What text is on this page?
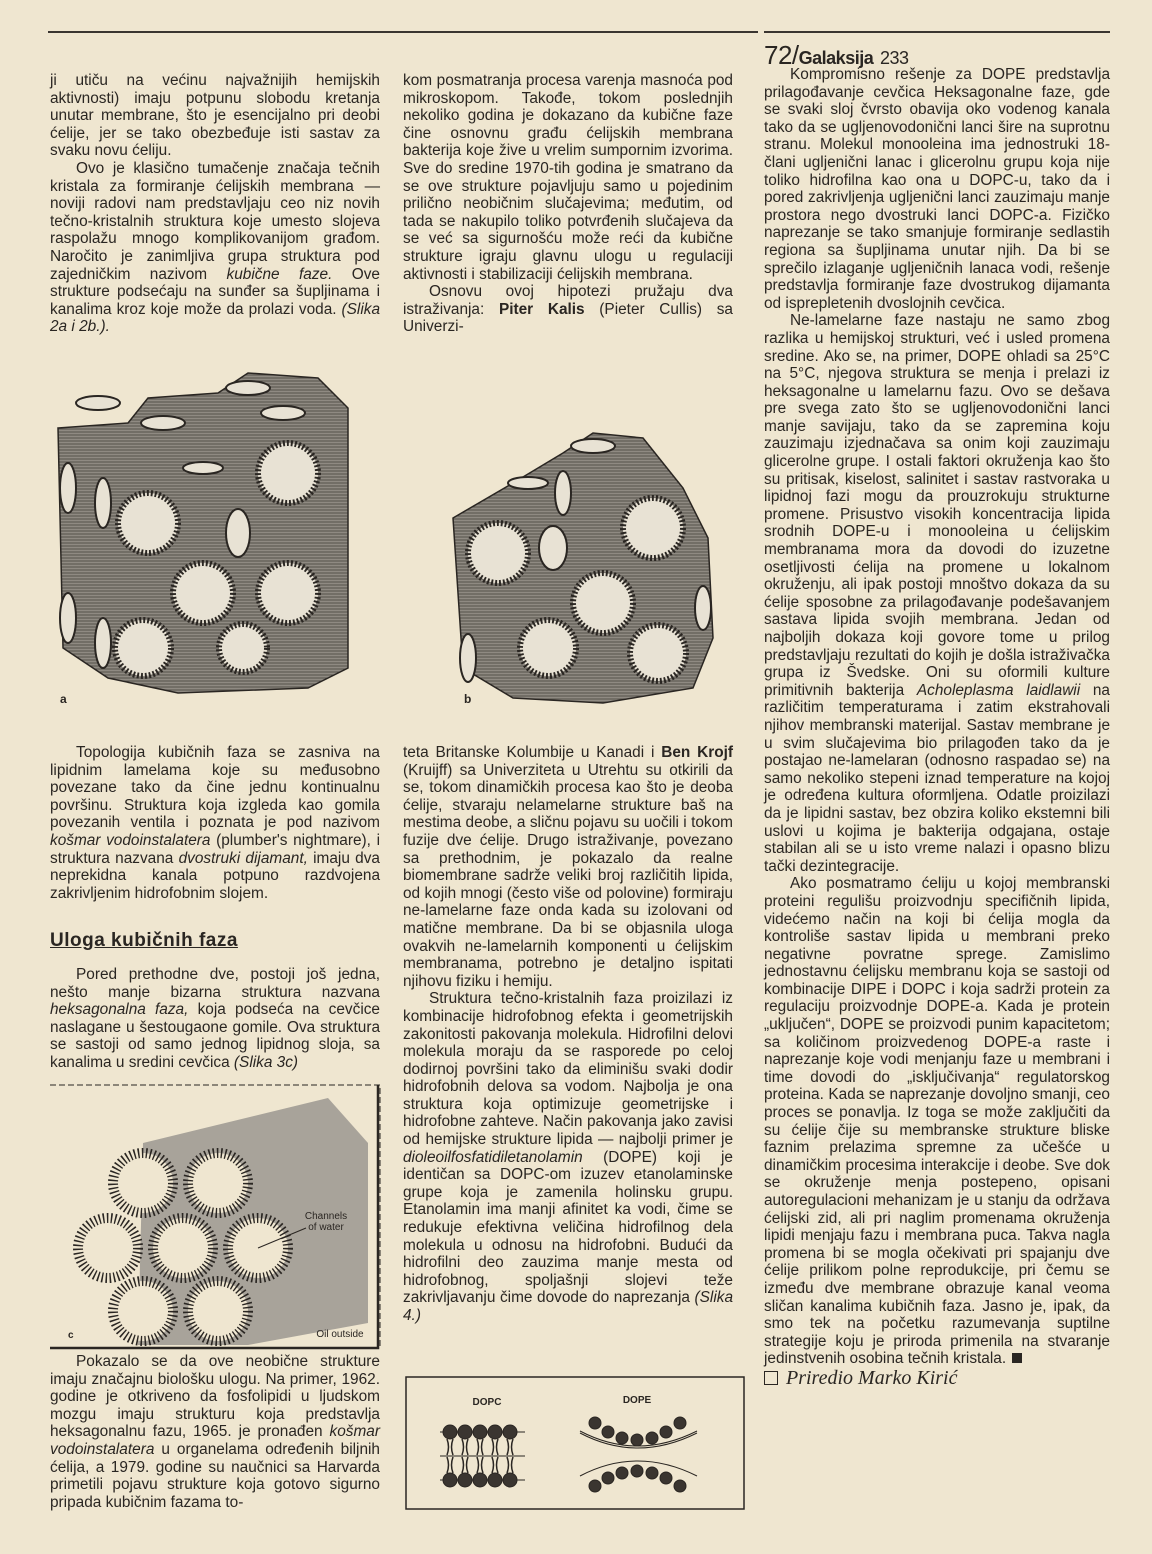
72/Galaksija 233

ji utiču na većinu najvažnijih hemijskih aktivnosti) imaju potpunu slobodu kretanja unutar membrane, što je esencijalno pri deobi ćelije, jer se tako obezbeđuje isti sastav za svaku novu ćeliju.

Ovo je klasično tumačenje značaja tečnih kristala za formiranje ćelijskih membrana — noviji radovi nam predstavljaju ceo niz novih tečno-kristalnih struktura koje umesto slojeva raspolažu mnogo komplikovanijom građom. Naročito je zanimljiva grupa struktura pod zajedničkim nazivom kubične faze. Ove strukture podsećaju na sunđer sa šupljinama i kanalima kroz koje može da prolazi voda. (Slika 2a i 2b.).

kom posmatranja procesa varenja masnoća pod mikroskopom. Takođe, tokom poslednjih nekoliko godina je dokazano da kubične faze čine osnovnu građu ćelijskih membrana bakterija koje žive u vrelim sumpornim izvorima. Sve do sredine 1970-tih godina je smatrano da se ove strukture pojavljuju samo u pojedinim prilično neobičnim slučajevima; međutim, od tada se nakupilo toliko potvrđenih slučajeva da se već sa sigurnošću može reći da kubične strukture igraju glavnu ulogu u regulaciji aktivnosti i stabilizaciji ćelijskih membrana.

Osnovu ovoj hipotezi pružaju dva istraživanja: Piter Kalis (Pieter Cullis) sa Univerzi-

a	b

Topologija kubičnih faza se zasniva na lipidnim lamelama koje su međusobno povezane tako da čine jednu kontinualnu površinu. Struktura koja izgleda kao gomila povezanih ventila i poznata je pod nazivom košmar vodoinstalatera (plumber's nightmare), i struktura nazvana dvostruki dijamant, imaju dva neprekidna kanala potpuno razdvojena zakrivljenim hidrofobnim slojem.

Uloga kubičnih faza

Pored prethodne dve, postoji još jedna, nešto manje bizarna struktura nazvana heksagonalna faza, koja podseća na cevčice naslagane u šestougaone gomile. Ova struktura se sastoji od samo jednog lipidnog sloja, sa kanalima u sredini cevčica (Slika 3c)

Channels
of water
Oil outside
c

Pokazalo se da ove neobične strukture imaju značajnu biološku ulogu. Na primer, 1962. godine je otkriveno da fosfolipidi u ljudskom mozgu imaju strukturu koja predstavlja heksagonalnu fazu, 1965. je pronađen košmar vodoinstalatera u organelama određenih biljnih ćelija, a 1979. godine su naučnici sa Harvarda primetili pojavu strukture koja gotovo sigurno pripada kubičnim fazama to-

teta Britanske Kolumbije u Kanadi i Ben Krojf (Kruijff) sa Univerziteta u Utrehtu su otkirili da se, tokom dinamičkih procesa kao što je deoba ćelije, stvaraju nelamelarne strukture baš na mestima deobe, a sličnu pojavu su uočili i tokom fuzije dve ćelije. Drugo istraživanje, povezano sa prethodnim, je pokazalo da realne biomembrane sadrže veliki broj različitih lipida, od kojih mnogi (često više od polovine) formiraju ne-lamelarne faze onda kada su izolovani od matične membrane. Da bi se objasnila uloga ovakvih ne-lamelarnih komponenti u ćelijskim membranama, potrebno je detaljno ispitati njihovu fiziku i hemiju.

Struktura tečno-kristalnih faza proizilazi iz kombinacije hidrofobnog efekta i geometrijskih zakonitosti pakovanja molekula. Hidrofilni delovi molekula moraju da se rasporede po celoj dodirnoj površini tako da eliminišu svaki dodir hidrofobnih delova sa vodom. Najbolja je ona struktura koja optimizuje geometrijske i hidrofobne zahteve. Način pakovanja jako zavisi od hemijske strukture lipida — najbolji primer je dioleoilfosfatidiletanolamin (DOPE) koji je identičan sa DOPC-om izuzev etanolaminske grupe koja je zamenila holinsku grupu. Etanolamin ima manji afinitet ka vodi, čime se redukuje efektivna veličina hidrofilnog dela molekula u odnosu na hidrofobni. Budući da hidrofilni deo zauzima manje mesta od hidrofobnog, spoljašnji slojevi teže zakrivljavanju čime dovode do naprezanja (Slika 4.)

DOPC	DOPE

Kompromisno rešenje za DOPE predstavlja prilagođavanje cevčica Heksagonalne faze, gde se svaki sloj čvrsto obavija oko vodenog kanala tako da se ugljenovodonični lanci šire na suprotnu stranu. Molekul monooleina ima jednostruki 18-člani ugljenični lanac i glicerolnu grupu koja nije toliko hidrofilna kao ona u DOPC-u, tako da i pored zakrivljenja ugljenični lanci zauzimaju manje prostora nego dvostruki lanci DOPC-a. Fizičko naprezanje se tako smanjuje formiranje sedlastih regiona sa šupljinama unutar njih. Da bi se sprečilo izlaganje ugljeničnih lanaca vodi, rešenje predstavlja formiranje faze dvostrukog dijamanta od isprepletenih dvoslojnih cevčica.

Ne-lamelarne faze nastaju ne samo zbog razlika u hemijskoj strukturi, već i usled promena sredine. Ako se, na primer, DOPE ohladi sa 25°C na 5°C, njegova struktura se menja i prelazi iz heksagonalne u lamelarnu fazu. Ovo se dešava pre svega zato što se ugljenovodonični lanci manje savijaju, tako da se zapremina koju zauzimaju izjednačava sa onim koji zauzimaju glicerolne grupe. I ostali faktori okruženja kao što su pritisak, kiselost, salinitet i sastav rastvoraka u lipidnoj fazi mogu da prouzrokuju strukturne promene. Prisustvo visokih koncentracija lipida srodnih DOPE-u i monooleina u ćelijskim membranama mora da dovodi do izuzetne osetljivosti ćelija na promene u lokalnom okruženju, ali ipak postoji mnoštvo dokaza da su ćelije sposobne za prilagođavanje podešavanjem sastava lipida svojih membrana. Jedan od najboljih dokaza koji govore tome u prilog predstavljaju rezultati do kojih je došla istraživačka grupa iz Švedske. Oni su oformili kulture primitivnih bakterija Acholeplasma laidlawii na različitim temperaturama i zatim ekstrahovali njihov membranski materijal. Sastav membrane je u svim slučajevima bio prilagođen tako da je postajao ne-lamelaran (odnosno raspadao se) na samo nekoliko stepeni iznad temperature na kojoj je određena kultura oformljena. Odatle proizilazi da je lipidni sastav, bez obzira koliko ekstemni bili uslovi u kojima je bakterija odgajana, ostaje stabilan ali se u isto vreme nalazi i opasno blizu tački dezintegracije.

Ako posmatramo ćeliju u kojoj membranski proteini regulišu proizvodnju specifičnih lipida, videćemo način na koji bi ćelija mogla da kontroliše sastav lipida u membrani preko negativne povratne sprege. Zamislimo jednostavnu ćelijsku membranu koja se sastoji od kombinacije DIPE i DOPC i koja sadrži protein za regulaciju proizvodnje DOPE-a. Kada je protein „uključen“, DOPE se proizvodi punim kapacitetom; sa količinom proizvedenog DOPE-a raste i naprezanje koje vodi menjanju faze u membrani i time dovodi do „isključivanja“ regulatorskog proteina. Kada se naprezanje dovoljno smanji, ceo proces se ponavlja. Iz toga se može zaključiti da su ćelije čije su membranske strukture bliske faznim prelazima spremne za učešće u dinamičkim procesima interakcije i deobe. Sve dok se okruženje menja postepeno, opisani autoregulacioni mehanizam je u stanju da održava ćelijski zid, ali pri naglim promenama okruženja lipidi menjaju fazu i membrana puca. Takva nagla promena bi se mogla očekivati pri spajanju dve ćelije prilikom polne reprodukcije, pri čemu se između dve membrane obrazuje kanal veoma sličan kanalima kubičnih faza. Jasno je, ipak, da smo tek na početku razumevanja suptilne strategije koju je priroda primenila na stvaranje jedinstvenih osobina tečnih kristala.

Priredio Marko Kirić
